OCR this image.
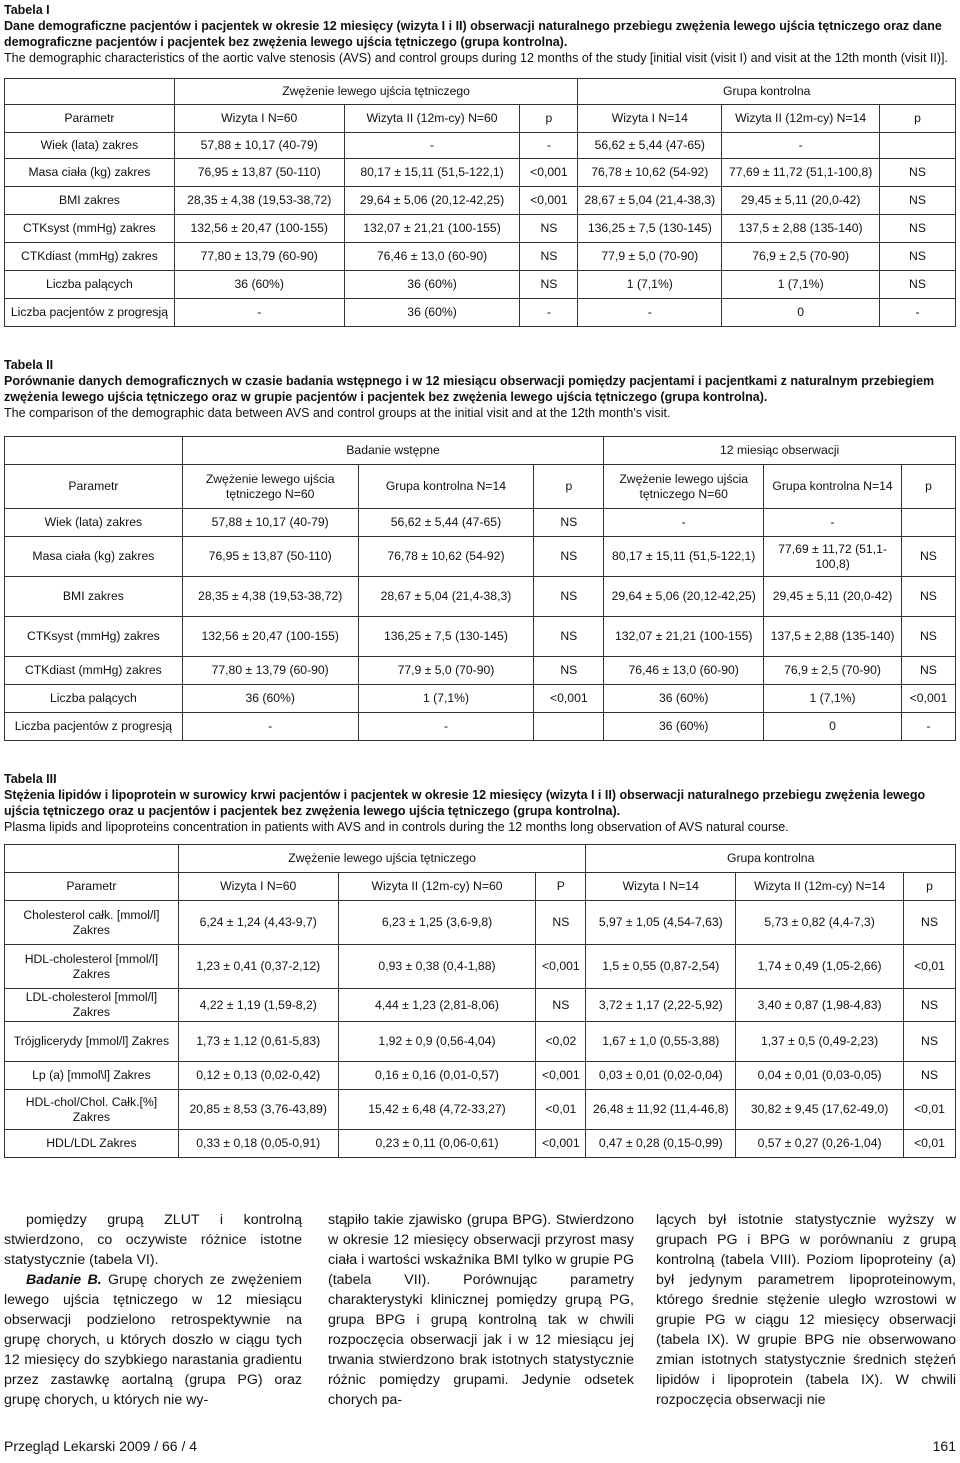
Tabela I
Dane demograficzne pacjentów i pacjentek w okresie 12 miesięcy (wizyta I i II) obserwacji naturalnego przebiegu zwężenia lewego ujścia tętniczego oraz dane demograficzne pacjentów i pacjentek bez zwężenia lewego ujścia tętniczego (grupa kontrolna).
The demographic characteristics of the aortic valve stenosis (AVS) and control groups during 12 months of the study [initial visit (visit I) and visit at the 12th month (visit II)].
	Zwężenie lewego ujścia tętniczego			Grupa kontrolna		
Parametr	Wizyta I N=60	Wizyta II (12m-cy) N=60	p	Wizyta I N=14	Wizyta II (12m-cy) N=14	p
Wiek (lata) zakres	57,88 ± 10,17 (40-79)	-	-	56,62 ± 5,44 (47-65)	-	
Masa ciała (kg) zakres	76,95 ± 13,87 (50-110)	80,17 ± 15,11 (51,5-122,1)	<0,001	76,78 ± 10,62 (54-92)	77,69 ± 11,72 (51,1-100,8)	NS
BMI zakres	28,35 ± 4,38 (19,53-38,72)	29,64 ± 5,06 (20,12-42,25)	<0,001	28,67 ± 5,04 (21,4-38,3)	29,45 ± 5,11 (20,0-42)	NS
CTKsyst (mmHg) zakres	132,56 ± 20,47 (100-155)	132,07 ± 21,21 (100-155)	NS	136,25 ± 7,5 (130-145)	137,5 ± 2,88 (135-140)	NS
CTKdiast (mmHg) zakres	77,80 ± 13,79 (60-90)	76,46 ± 13,0 (60-90)	NS	77,9 ± 5,0 (70-90)	76,9 ± 2,5 (70-90)	NS
Liczba palących	36 (60%)	36 (60%)	NS	1 (7,1%)	1 (7,1%)	NS
Liczba pacjentów z progresją	-	36 (60%)	-	-	0	-
Tabela II
Porównanie danych demograficznych w czasie badania wstępnego i w 12 miesiącu obserwacji pomiędzy pacjentami i pacjentkami z naturalnym przebiegiem zwężenia lewego ujścia tętniczego oraz w grupie pacjentów i pacjentek bez zwężenia lewego ujścia tętniczego (grupa kontrolna).
The comparison of the demographic data between AVS and control groups at the initial visit and at the 12th month's visit.
	Badanie wstępne			12 miesiąc obserwacji		
Parametr	Zwężenie lewego ujścia tętniczego N=60	Grupa kontrolna N=14	p	Zwężenie lewego ujścia tętniczego N=60	Grupa kontrolna N=14	p
Wiek (lata) zakres	57,88 ± 10,17 (40-79)	56,62 ± 5,44 (47-65)	NS	-	-	
Masa ciała (kg) zakres	76,95 ± 13,87 (50-110)	76,78 ± 10,62 (54-92)	NS	80,17 ± 15,11 (51,5-122,1)	77,69 ± 11,72 (51,1-100,8)	NS
BMI zakres	28,35 ± 4,38 (19,53-38,72)	28,67 ± 5,04 (21,4-38,3)	NS	29,64 ± 5,06 (20,12-42,25)	29,45 ± 5,11 (20,0-42)	NS
CTKsyst (mmHg) zakres	132,56 ± 20,47 (100-155)	136,25 ± 7,5 (130-145)	NS	132,07 ± 21,21 (100-155)	137,5 ± 2,88 (135-140)	NS
CTKdiast (mmHg) zakres	77,80 ± 13,79 (60-90)	77,9 ± 5,0 (70-90)	NS	76,46 ± 13,0 (60-90)	76,9 ± 2,5 (70-90)	NS
Liczba palących	36 (60%)	1 (7,1%)	<0,001	36 (60%)	1 (7,1%)	<0,001
Liczba pacjentów z progresją	-	-		36 (60%)	0	-
Tabela III
Stężenia lipidów i lipoprotein w surowicy krwi pacjentów i pacjentek w okresie 12 miesięcy (wizyta I i II) obserwacji naturalnego przebiegu zwężenia lewego ujścia tętniczego oraz u pacjentów i pacjentek bez zwężenia lewego ujścia tętniczego (grupa kontrolna).
Plasma lipids and lipoproteins concentration in patients with AVS and in controls during the 12 months long observation of AVS natural course.
	Zwężenie lewego ujścia tętniczego			Grupa kontrolna		
Parametr	Wizyta I N=60	Wizyta II (12m-cy) N=60	P	Wizyta I N=14	Wizyta II (12m-cy) N=14	p
Cholesterol całk. [mmol/l] Zakres	6,24 ± 1,24 (4,43-9,7)	6,23 ± 1,25 (3,6-9,8)	NS	5,97 ± 1,05 (4,54-7,63)	5,73 ± 0,82 (4,4-7,3)	NS
HDL-cholesterol [mmol/l] Zakres	1,23 ± 0,41 (0,37-2,12)	0,93 ± 0,38 (0,4-1,88)	<0,001	1,5 ± 0,55 (0,87-2,54)	1,74 ± 0,49 (1,05-2,66)	<0,01
LDL-cholesterol [mmol/l] Zakres	4,22 ± 1,19 (1,59-8,2)	4,44 ± 1,23 (2,81-8,06)	NS	3,72 ± 1,17 (2,22-5,92)	3,40 ± 0,87 (1,98-4,83)	NS
Trójglicerydy [mmol/l] Zakres	1,73 ± 1,12 (0,61-5,83)	1,92 ± 0,9 (0,56-4,04)	<0,02	1,67 ± 1,0 (0,55-3,88)	1,37 ± 0,5 (0,49-2,23)	NS
Lp (a) [mmol\l] Zakres	0,12 ± 0,13 (0,02-0,42)	0,16 ± 0,16 (0,01-0,57)	<0,001	0,03 ± 0,01 (0,02-0,04)	0,04 ± 0,01 (0,03-0,05)	NS
HDL-chol/Chol. Całk.[%] Zakres	20,85 ± 8,53 (3,76-43,89)	15,42 ± 6,48 (4,72-33,27)	<0,01	26,48 ± 11,92 (11,4-46,8)	30,82 ± 9,45 (17,62-49,0)	<0,01
HDL/LDL Zakres	0,33 ± 0,18 (0,05-0,91)	0,23 ± 0,11 (0,06-0,61)	<0,001	0,47 ± 0,28 (0,15-0,99)	0,57 ± 0,27 (0,26-1,04)	<0,01

pomiędzy grupą ZLUT i kontrolną stwierdzono, co oczywiste różnice istotne statystycznie (tabela VI).

Badanie B. Grupę chorych ze zwężeniem lewego ujścia tętniczego w 12 miesiącu obserwacji podzielono retrospektywnie na grupę chorych, u których doszło w ciągu tych 12 miesięcy do szybkiego narastania gradientu przez zastawkę aortalną (grupa PG) oraz grupę chorych, u których nie wy-

stąpiło takie zjawisko (grupa BPG). Stwierdzono w okresie 12 miesięcy obserwacji przyrost masy ciała i wartości wskaźnika BMI tylko w grupie PG (tabela VII). Porównując parametry charakterystyki klinicznej pomiędzy grupą PG, grupa BPG i grupą kontrolną tak w chwili rozpoczęcia obserwacji jak i w 12 miesiącu jej trwania stwierdzono brak istotnych statystycznie różnic pomiędzy grupami. Jedynie odsetek chorych pa-

lących był istotnie statystycznie wyższy w grupach PG i BPG w porównaniu z grupą kontrolną (tabela VIII). Poziom lipoproteiny (a) był jedynym parametrem lipoproteinowym, którego średnie stężenie uległo wzrostowi w grupie PG w ciągu 12 miesięcy obserwacji (tabela IX). W grupie BPG nie obserwowano zmian istotnych statystycznie średnich stężeń lipidów i lipoprotein (tabela IX). W chwili rozpoczęcia obserwacji nie

Przegląd Lekarski 2009 / 66 / 4	161
